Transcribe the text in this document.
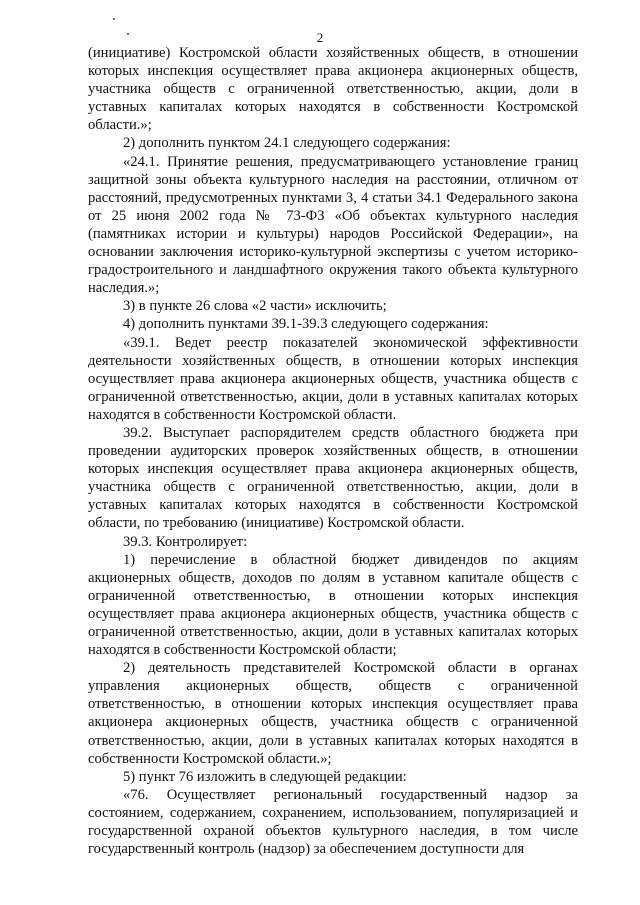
2

(инициативе) Костромской области хозяйственных обществ, в отношении которых инспекция осуществляет права акционера акционерных обществ, участника обществ с ограниченной ответственностью, акции, доли в уставных капиталах которых находятся в собственности Костромской области.»;

2) дополнить пунктом 24.1 следующего содержания:

«24.1. Принятие решения, предусматривающего установление границ защитной зоны объекта культурного наследия на расстоянии, отличном от расстояний, предусмотренных пунктами 3, 4 статьи 34.1 Федерального закона от 25 июня 2002 года № 73-ФЗ «Об объектах культурного наследия (памятниках истории и культуры) народов Российской Федерации», на основании заключения историко-культурной экспертизы с учетом историко-градостроительного и ландшафтного окружения такого объекта культурного наследия.»;

3) в пункте 26 слова «2 части» исключить;

4) дополнить пунктами 39.1-39.3 следующего содержания:

«39.1. Ведет реестр показателей экономической эффективности деятельности хозяйственных обществ, в отношении которых инспекция осуществляет права акционера акционерных обществ, участника обществ с ограниченной ответственностью, акции, доли в уставных капиталах которых находятся в собственности Костромской области.

39.2. Выступает распорядителем средств областного бюджета при проведении аудиторских проверок хозяйственных обществ, в отношении которых инспекция осуществляет права акционера акционерных обществ, участника обществ с ограниченной ответственностью, акции, доли в уставных капиталах которых находятся в собственности Костромской области, по требованию (инициативе) Костромской области.

39.3. Контролирует:

1) перечисление в областной бюджет дивидендов по акциям акционерных обществ, доходов по долям в уставном капитале обществ с ограниченной ответственностью, в отношении которых инспекция осуществляет права акционера акционерных обществ, участника обществ с ограниченной ответственностью, акции, доли в уставных капиталах которых находятся в собственности Костромской области;

2) деятельность представителей Костромской области в органах управления акционерных обществ, обществ с ограниченной ответственностью, в отношении которых инспекция осуществляет права акционера акционерных обществ, участника обществ с ограниченной ответственностью, акции, доли в уставных капиталах которых находятся в собственности Костромской области.»;

5) пункт 76 изложить в следующей редакции:

«76. Осуществляет региональный государственный надзор за состоянием, содержанием, сохранением, использованием, популяризацией и государственной охраной объектов культурного наследия, в том числе государственный контроль (надзор) за обеспечением доступности для
